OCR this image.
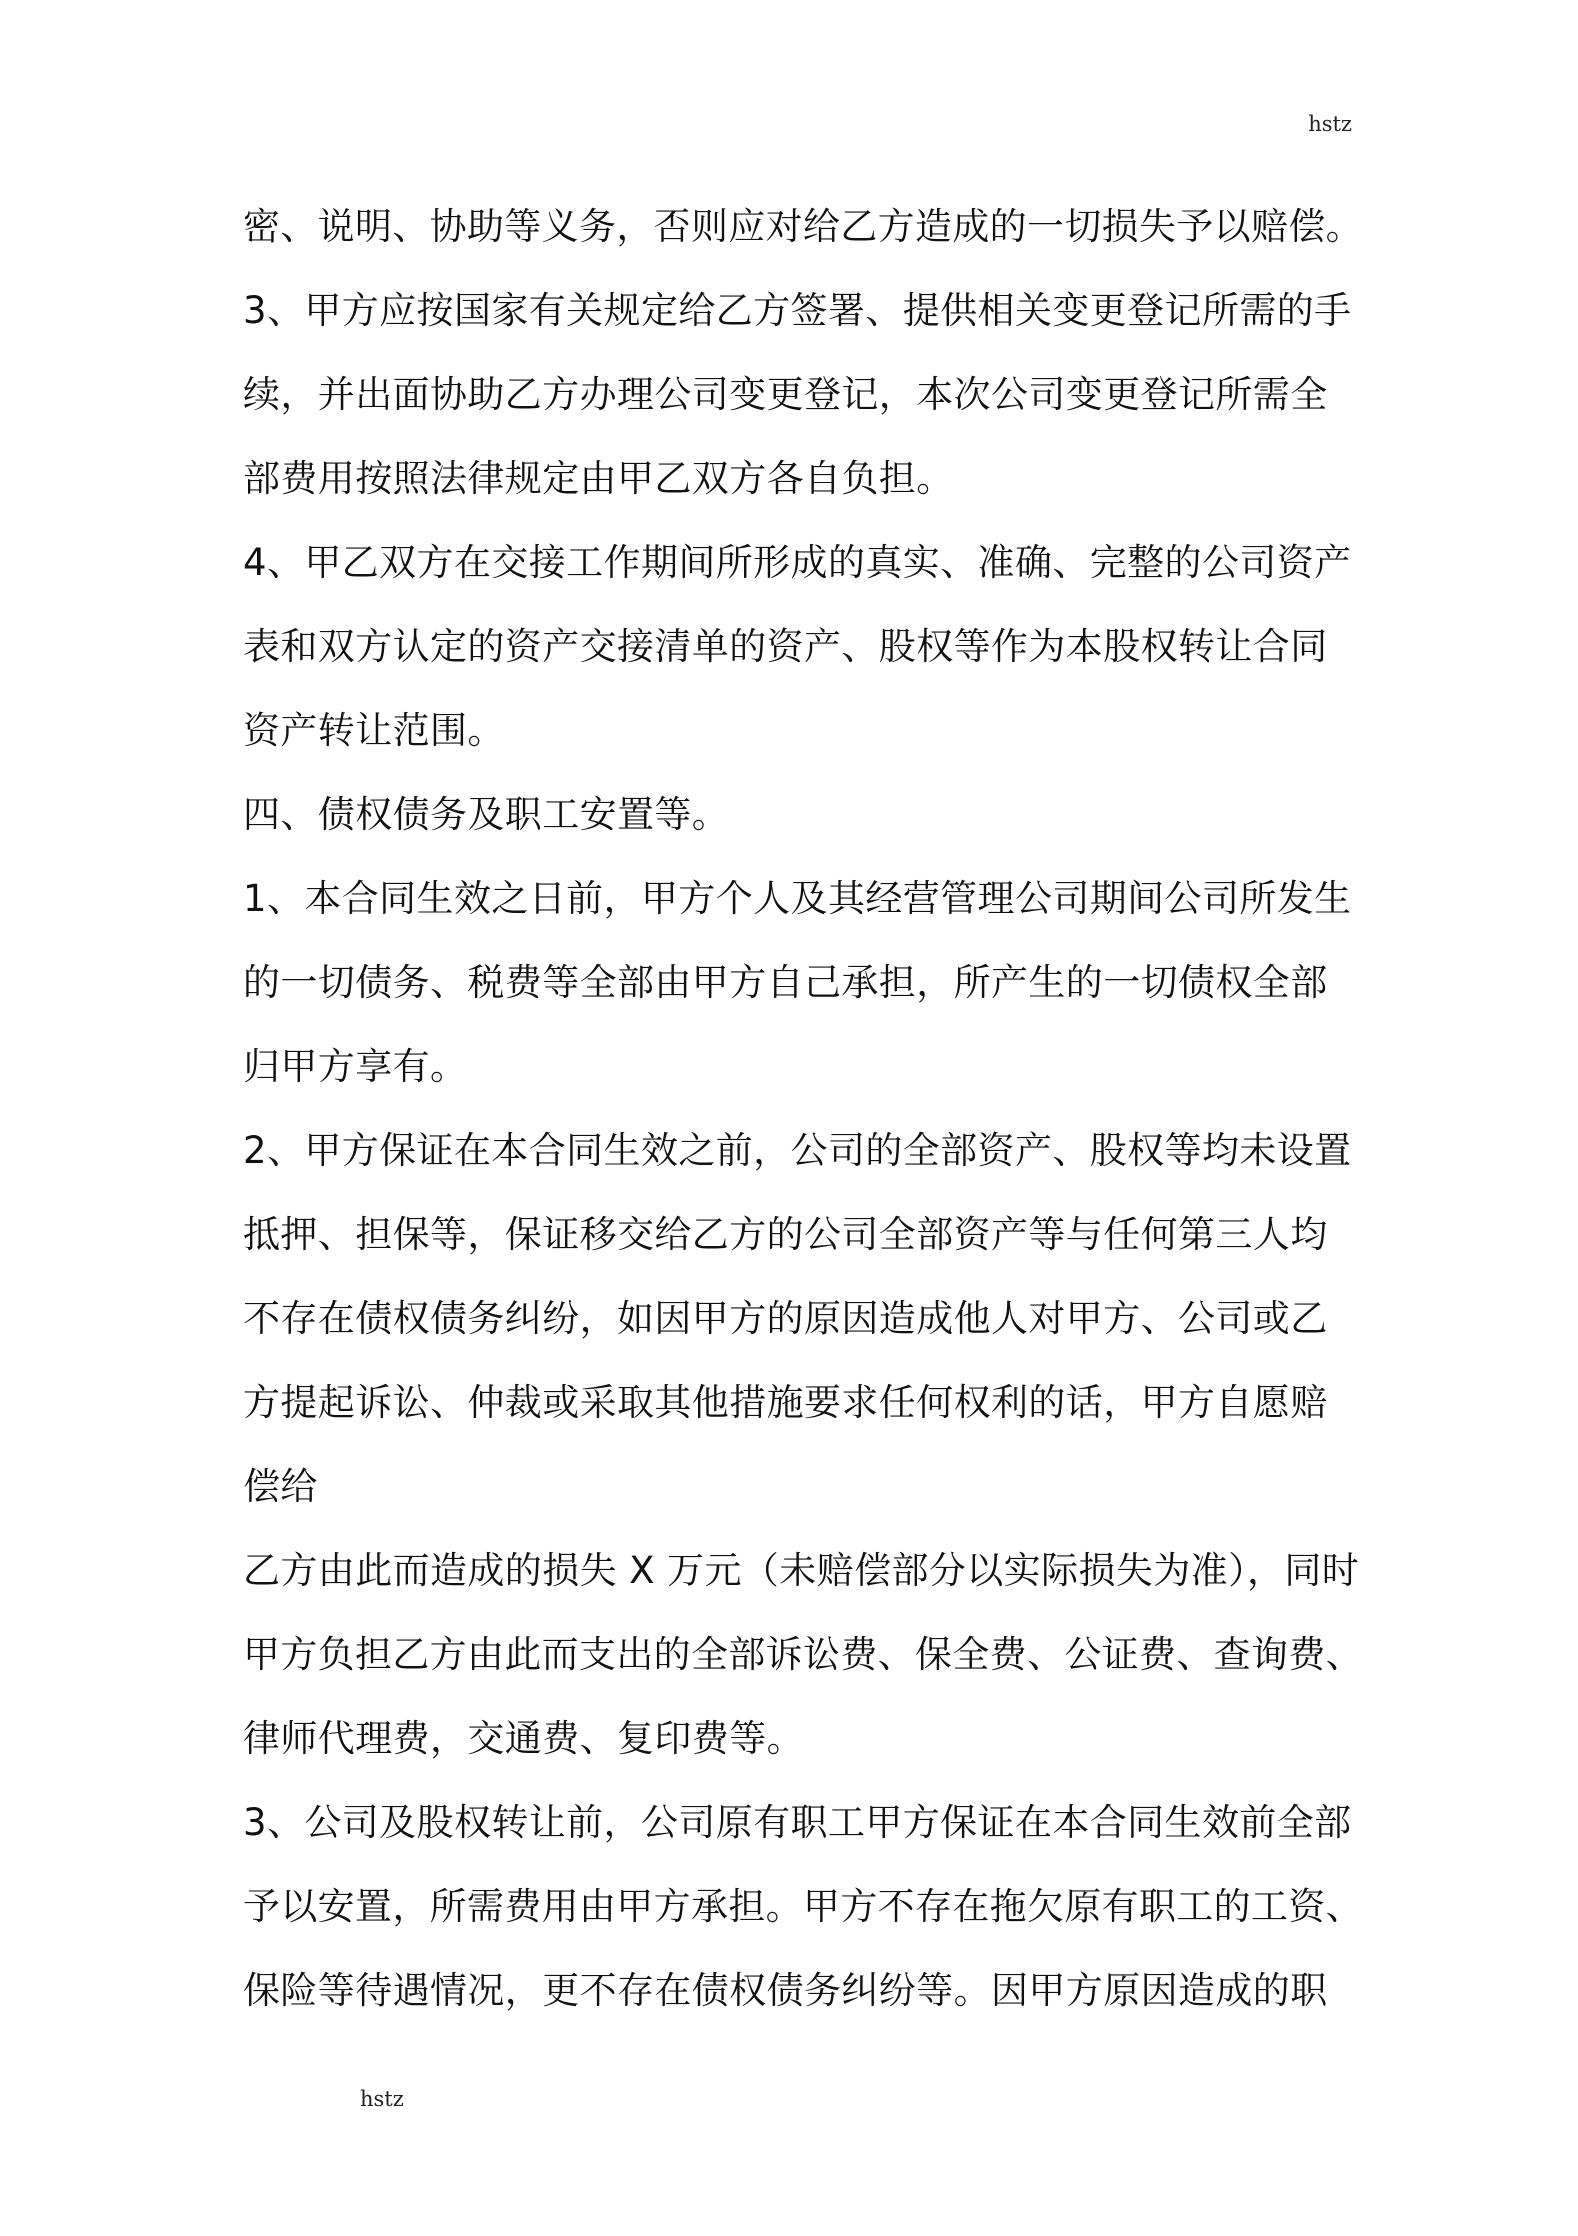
hstz
密、说明、协助等义务，否则应对给乙方造成的一切损失予以赔偿。
3、甲方应按国家有关规定给乙方签署、提供相关变更登记所需的手
续，并出面协助乙方办理公司变更登记，本次公司变更登记所需全
部费用按照法律规定由甲乙双方各自负担。
4、甲乙双方在交接工作期间所形成的真实、准确、完整的公司资产
表和双方认定的资产交接清单的资产、股权等作为本股权转让合同
资产转让范围。
四、债权债务及职工安置等。
1、本合同生效之日前，甲方个人及其经营管理公司期间公司所发生
的一切债务、税费等全部由甲方自己承担，所产生的一切债权全部
归甲方享有。
2、甲方保证在本合同生效之前，公司的全部资产、股权等均未设置
抵押、担保等，保证移交给乙方的公司全部资产等与任何第三人均
不存在债权债务纠纷，如因甲方的原因造成他人对甲方、公司或乙
方提起诉讼、仲裁或采取其他措施要求任何权利的话，甲方自愿赔
偿给
乙方由此而造成的损失 X 万元（未赔偿部分以实际损失为准），同时
甲方负担乙方由此而支出的全部诉讼费、保全费、公证费、查询费、
律师代理费，交通费、复印费等。
3、公司及股权转让前，公司原有职工甲方保证在本合同生效前全部
予以安置，所需费用由甲方承担。甲方不存在拖欠原有职工的工资、
保险等待遇情况，更不存在债权债务纠纷等。因甲方原因造成的职
hstz
